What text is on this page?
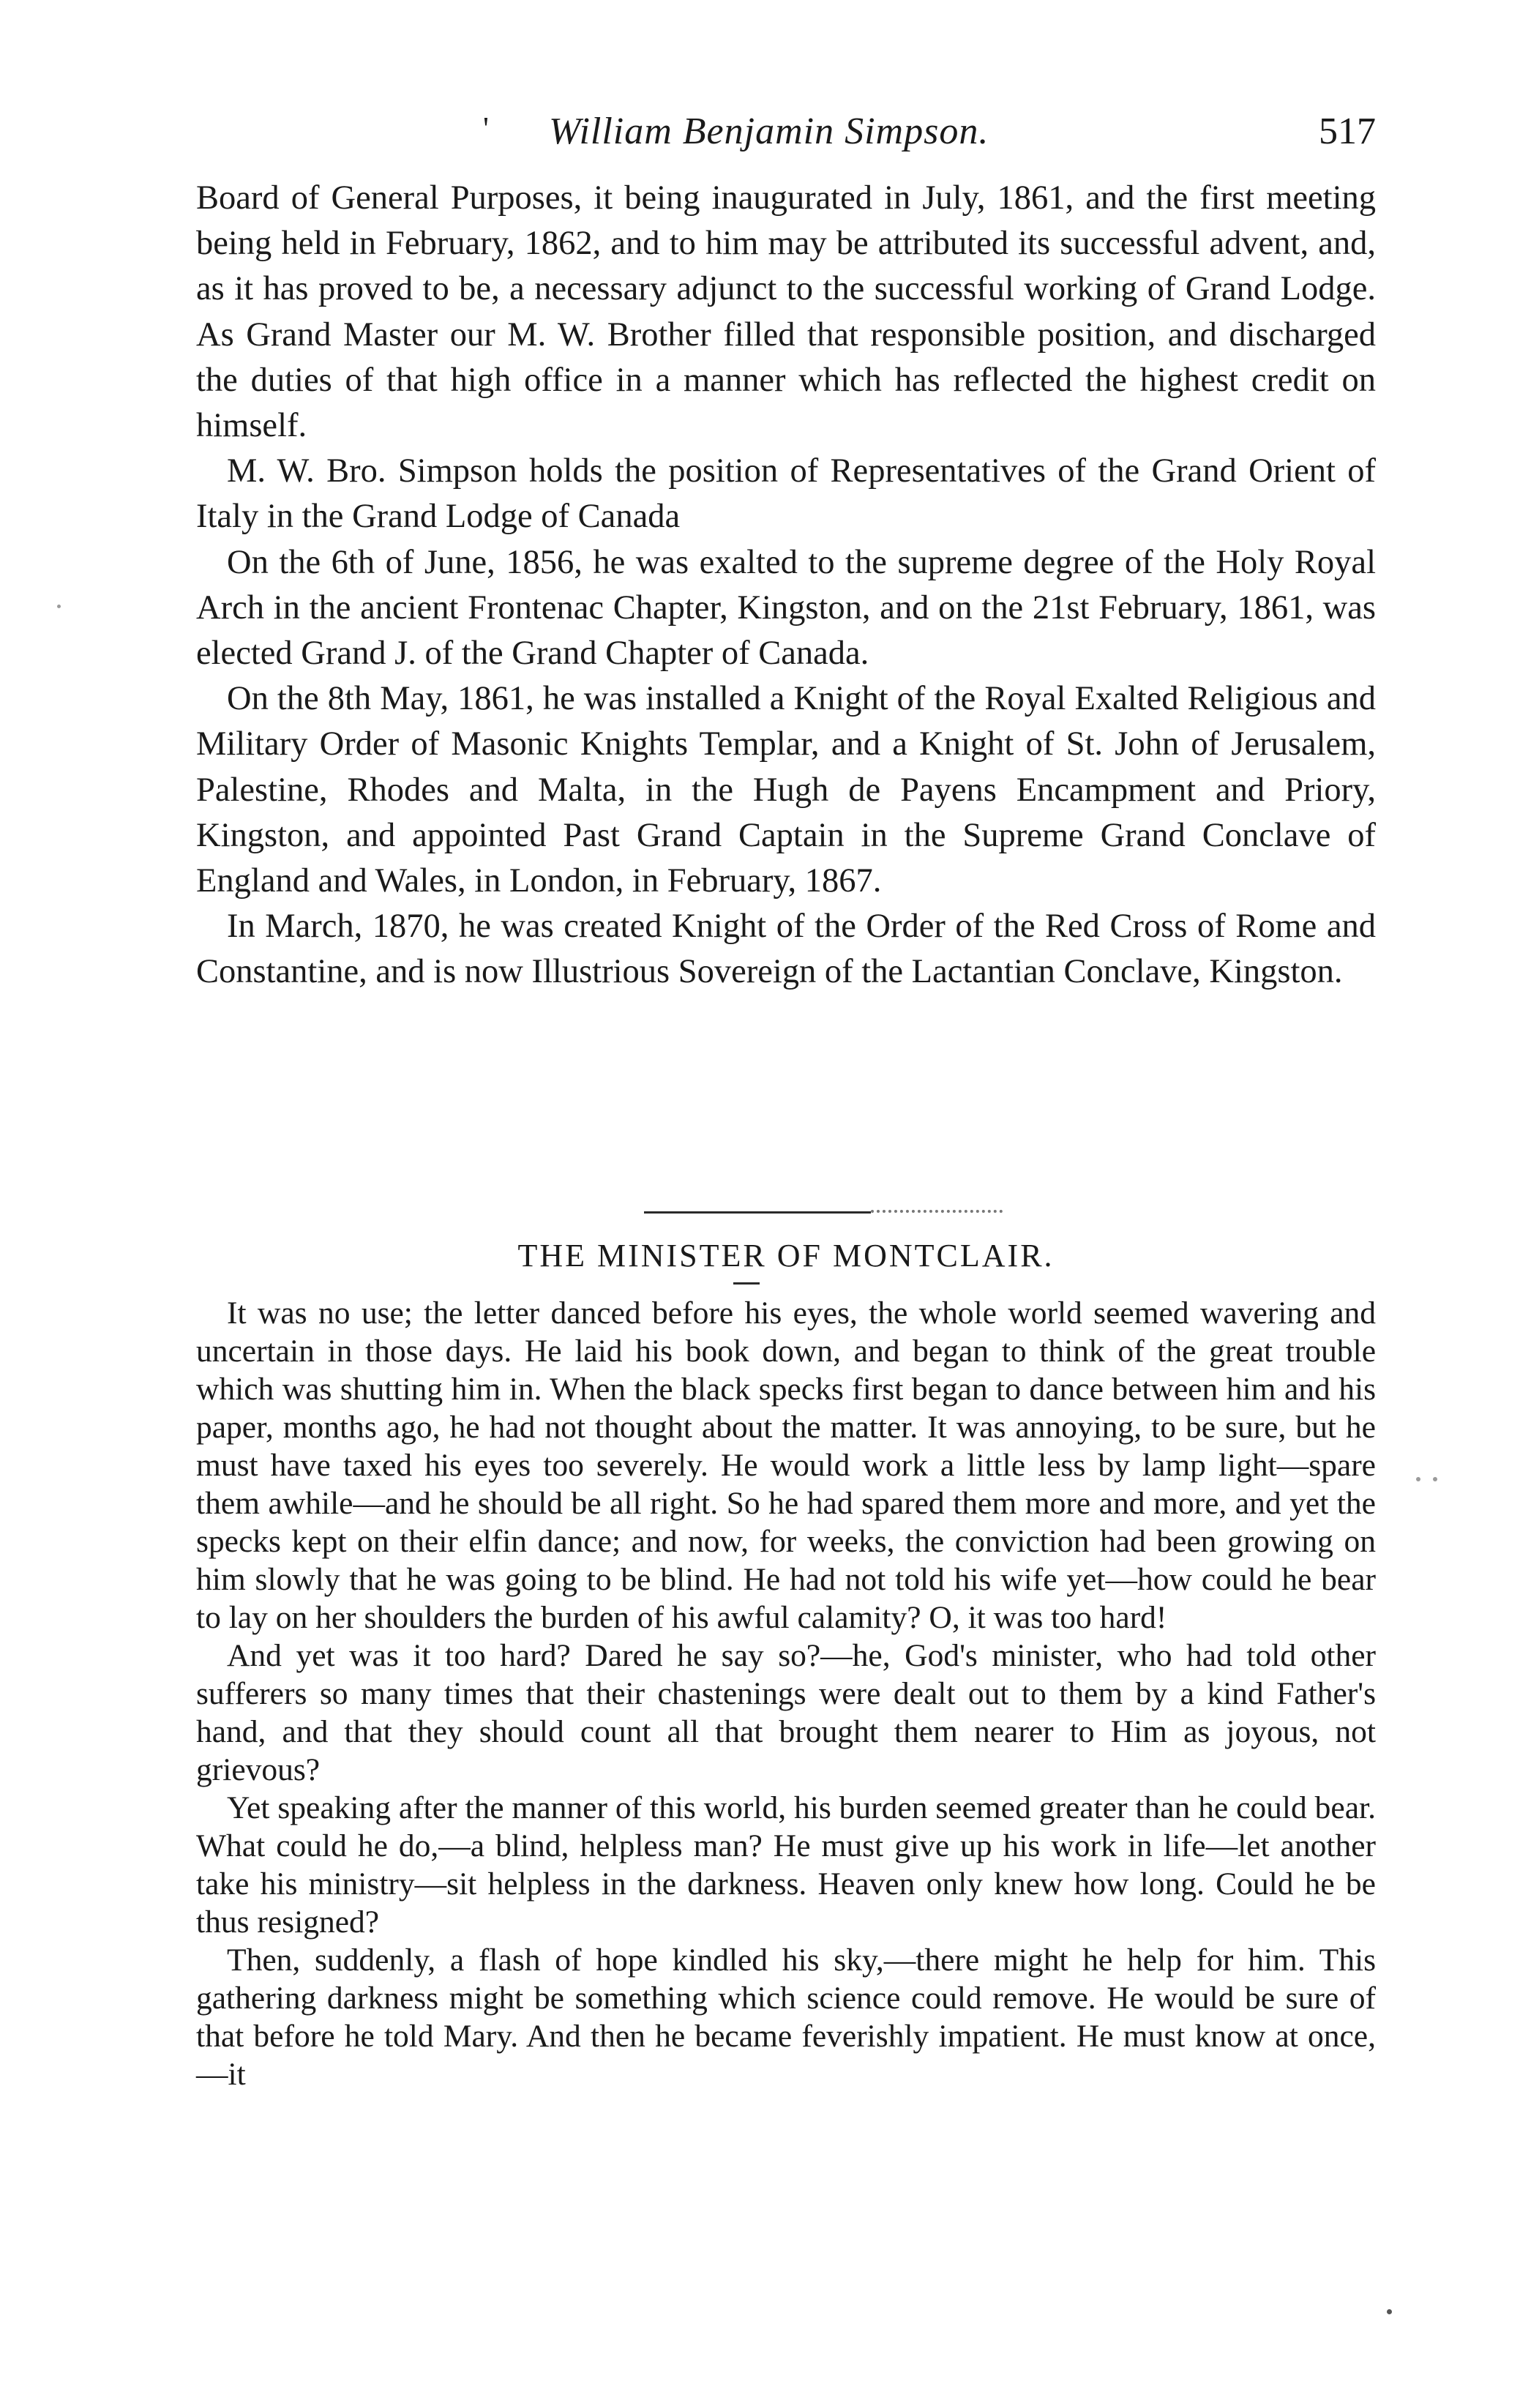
' William Benjamin Simpson.	517

Board of General Purposes, it being inaugurated in July, 1861, and the first meeting being held in February, 1862, and to him may be attributed its successful advent, and, as it has proved to be, a necessary adjunct to the successful working of Grand Lodge. As Grand Master our M. W. Brother filled that responsible position, and discharged the duties of that high office in a manner which has reflected the highest credit on himself.

M. W. Bro. Simpson holds the position of Representatives of the Grand Orient of Italy in the Grand Lodge of Canada

On the 6th of June, 1856, he was exalted to the supreme degree of the Holy Royal Arch in the ancient Frontenac Chapter, Kingston, and on the 21st February, 1861, was elected Grand J. of the Grand Chapter of Canada.

On the 8th May, 1861, he was installed a Knight of the Royal Exalted Religious and Military Order of Masonic Knights Templar, and a Knight of St. John of Jerusalem, Palestine, Rhodes and Malta, in the Hugh de Payens Encampment and Priory, Kingston, and appointed Past Grand Captain in the Supreme Grand Conclave of England and Wales, in London, in February, 1867.

In March, 1870, he was created Knight of the Order of the Red Cross of Rome and Constantine, and is now Illustrious Sovereign of the Lactantian Conclave, Kingston.

THE MINISTER OF MONTCLAIR.

It was no use; the letter danced before his eyes, the whole world seemed wavering and uncertain in those days. He laid his book down, and began to think of the great trouble which was shutting him in. When the black specks first began to dance between him and his paper, months ago, he had not thought about the matter. It was annoying, to be sure, but he must have taxed his eyes too severely. He would work a little less by lamp light—spare them awhile—and he should be all right. So he had spared them more and more, and yet the specks kept on their elfin dance; and now, for weeks, the conviction had been growing on him slowly that he was going to be blind. He had not told his wife yet—how could he bear to lay on her shoulders the burden of his awful calamity? O, it was too hard!

And yet was it too hard? Dared he say so?—he, God's minister, who had told other sufferers so many times that their chastenings were dealt out to them by a kind Father's hand, and that they should count all that brought them nearer to Him as joyous, not grievous?

Yet speaking after the manner of this world, his burden seemed greater than he could bear. What could he do,—a blind, helpless man? He must give up his work in life—let another take his ministry—sit helpless in the darkness. Heaven only knew how long. Could he be thus resigned?

Then, suddenly, a flash of hope kindled his sky,—there might he help for him. This gathering darkness might be something which science could remove. He would be sure of that before he told Mary. And then he became feverishly impatient. He must know at once,—it
